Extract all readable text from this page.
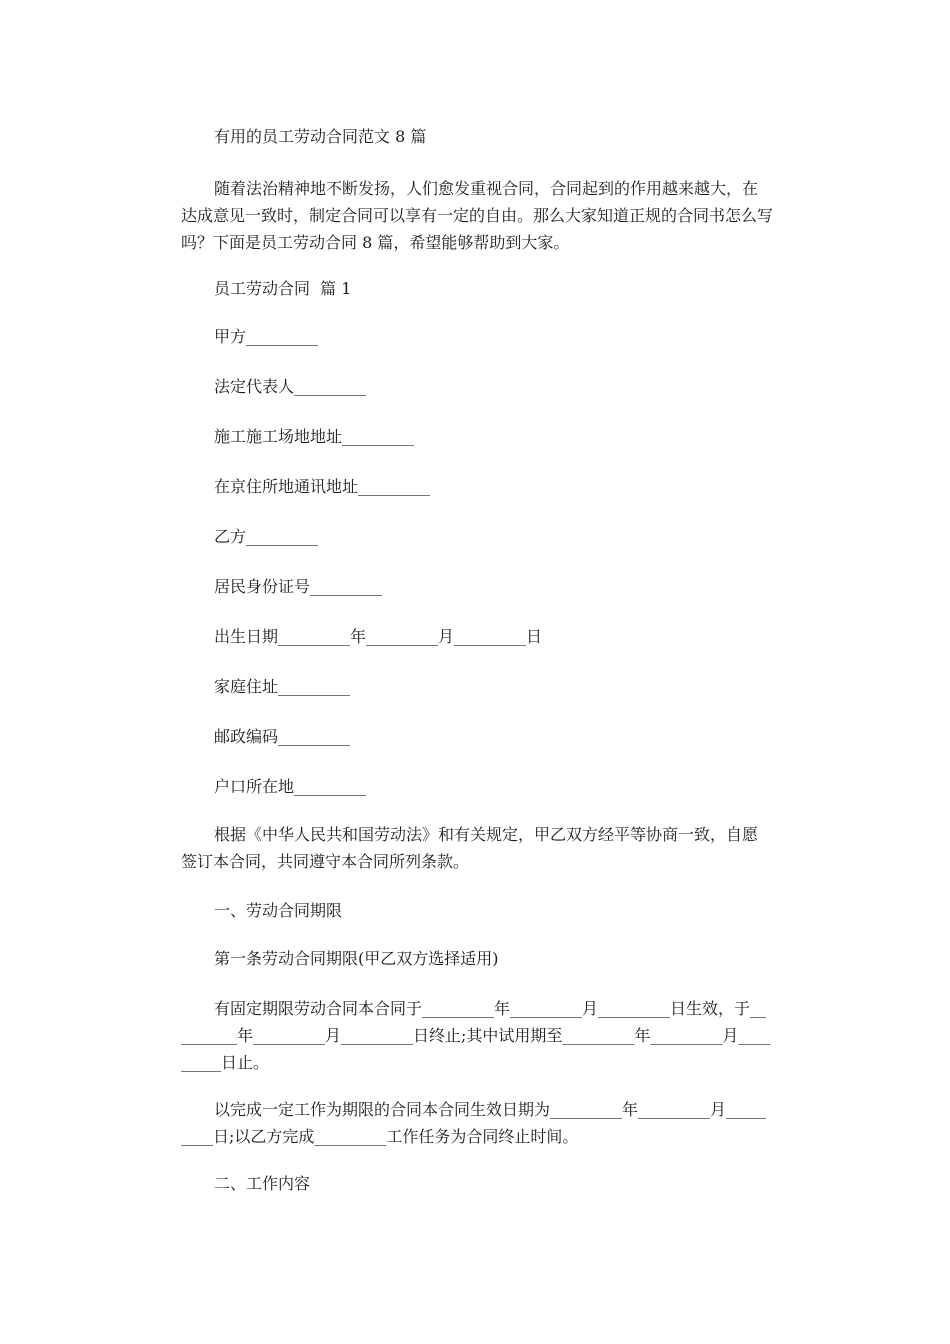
有用的员工劳动合同范文 8 篇

随着法治精神地不断发扬，人们愈发重视合同，合同起到的作用越来越大，在达成意见一致时，制定合同可以享有一定的自由。那么大家知道正规的合同书怎么写吗？下面是员工劳动合同 8 篇，希望能够帮助到大家。

员工劳动合同  篇 1

甲方_________

法定代表人_________

施工施工场地地址_________

在京住所地通讯地址_________

乙方_________

居民身份证号_________

出生日期_________年_________月_________日

家庭住址_________

邮政编码_________

户口所在地_________

根据《中华人民共和国劳动法》和有关规定，甲乙双方经平等协商一致，自愿签订本合同，共同遵守本合同所列条款。

一、劳动合同期限

第一条劳动合同期限(甲乙双方选择适用)

有固定期限劳动合同本合同于_________年_________月_________日生效，于_________年_________月_________日终止;其中试用期至_________年_________月_________日止。

以完成一定工作为期限的合同本合同生效日期为_________年_________月_________日;以乙方完成_________工作任务为合同终止时间。

二、工作内容
